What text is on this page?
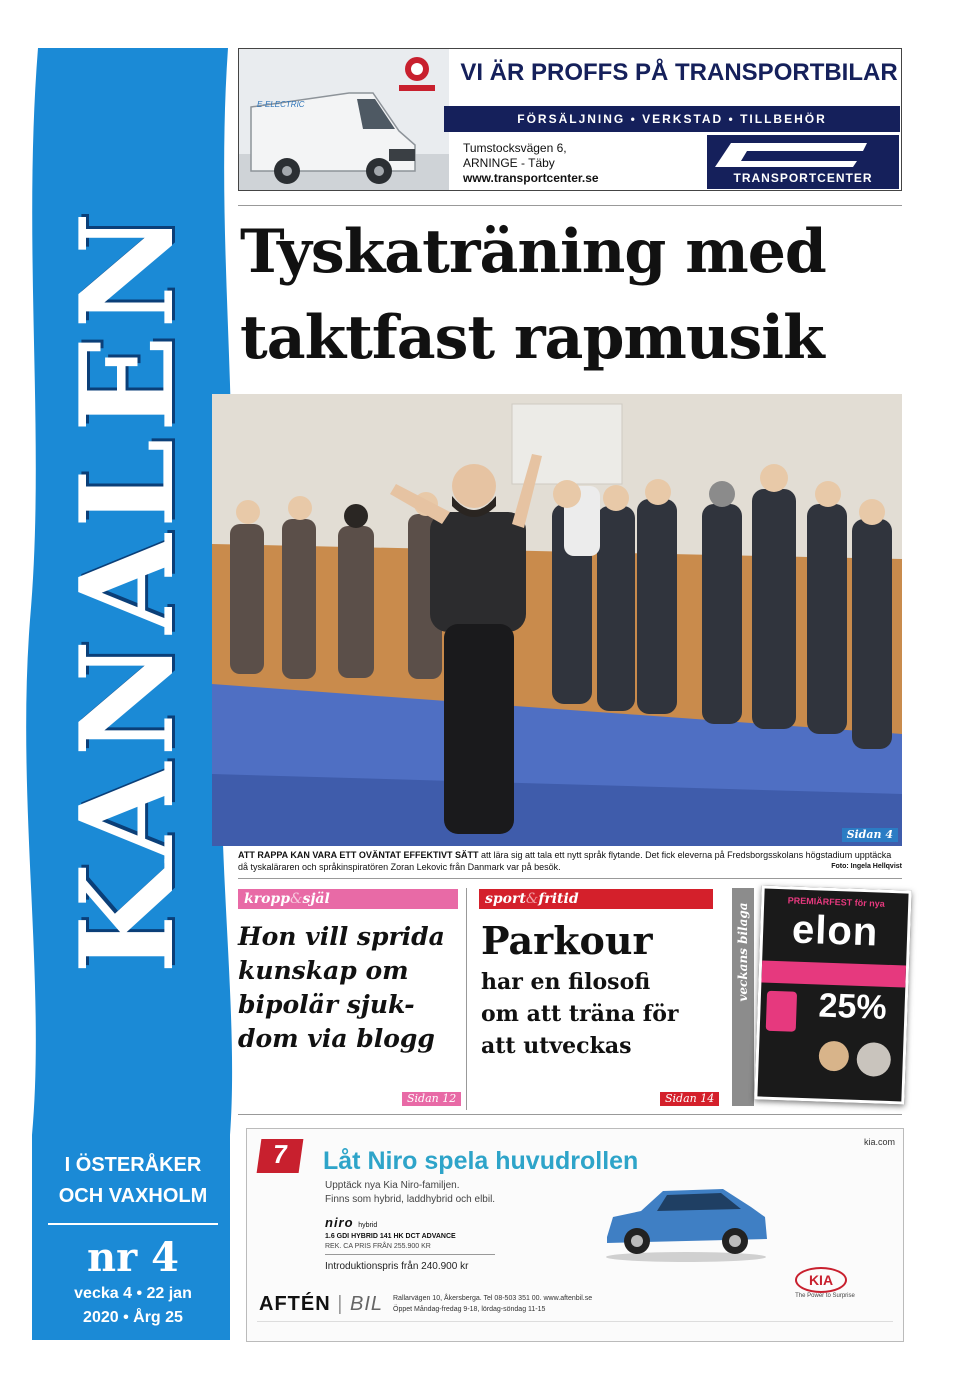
KANALEN
I ÖSTERÅKER
OCH VAXHOLM
nr 4
vecka 4 • 22 jan
2020 • Årg 25
E-ELECTRIC
VI ÄR PROFFS PÅ TRANSPORTBILAR
FÖRSÄLJNING • VERKSTAD • TILLBEHÖR
Tumstocksvägen 6,
ARNINGE - Täby
www.transportcenter.se	TRANSPORTCENTER
Tyskaträning med
taktfast rapmusik
Sidan 4
ATT RAPPA KAN VARA ETT OVÄNTAT EFFEKTIVT SÄTT att lära sig att tala ett nytt språk flytande. Det fick eleverna på Fredsborgsskolans högstadium upptäcka då tyskaläraren och språkinspiratören Zoran Lekovic från Danmark var på besök.	Foto: Ingela Hellqvist
kropp&själ
Hon vill sprida
kunskap om
bipolär sjuk-
dom via blogg
Sidan 12
sport&fritid
Parkour
har en filosofi
om att träna för
att utveckas
Sidan 14
veckans bilaga
PREMIÄRFEST för nya
elon
25%
7	kia.com
Låt Niro spela huvudrollen
Upptäck nya Kia Niro-familjen.
Finns som hybrid, laddhybrid och elbil.
niro hybrid
1.6 GDI HYBRID 141 HK DCT ADVANCE
REK. CA PRIS FRÅN 255.900 KR
Introduktionspris från 240.900 kr
KIA
The Power to Surprise
AFTÉN | BIL Rallarvägen 10, Åkersberga. Tel 08-503 351 00. www.aftenbil.se
Öppet Måndag-fredag 9-18, lördag-söndag 11-15
